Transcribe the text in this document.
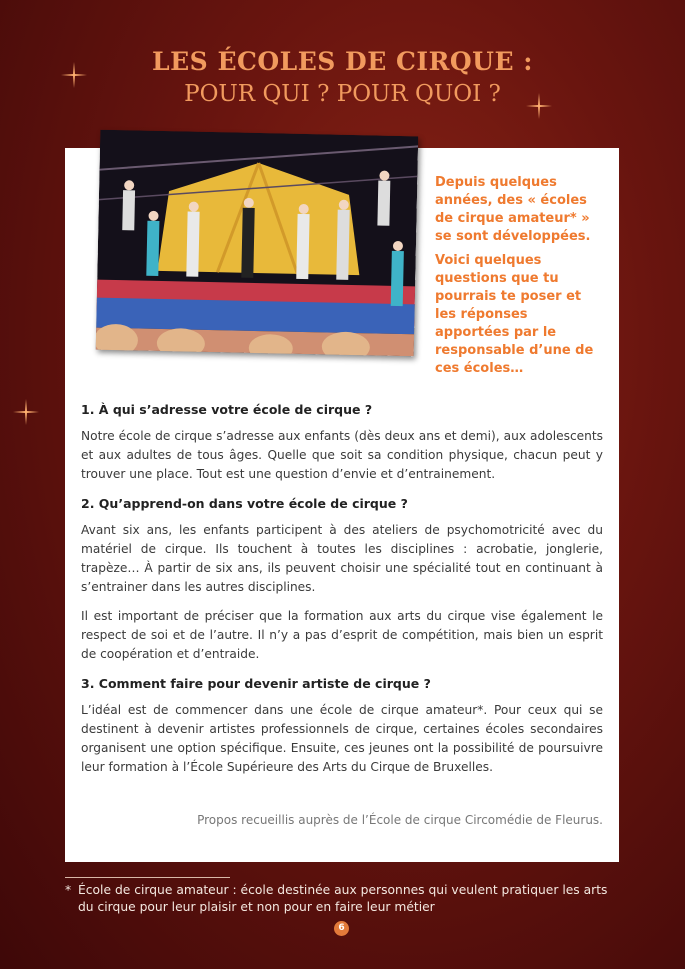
LES ÉCOLES DE CIRQUE :
POUR QUI ? POUR QUOI ?

Depuis quelques années, des « écoles de cirque amateur* » se sont développées.

Voici quelques questions que tu pourrais te poser et les réponses apportées par le responsable d’une de ces écoles…

1. À qui s’adresse votre école de cirque ?

Notre école de cirque s’adresse aux enfants (dès deux ans et demi), aux adolescents et aux adultes de tous âges. Quelle que soit sa condition physique, chacun peut y trouver une place. Tout est une question d’envie et d’entrainement.

2. Qu’apprend-on dans votre école de cirque ?

Avant six ans, les enfants participent à des ateliers de psychomotricité avec du matériel de cirque. Ils touchent à toutes les disciplines : acrobatie, jonglerie, trapèze… À partir de six ans, ils peuvent choisir une spécialité tout en continuant à s’entrainer dans les autres disciplines.

Il est important de préciser que la formation aux arts du cirque vise également le respect de soi et de l’autre. Il n’y a pas d’esprit de compétition, mais bien un esprit de coopération et d’entraide.

3. Comment faire pour devenir artiste de cirque ?

L’idéal est de commencer dans une école de cirque amateur*. Pour ceux qui se destinent à devenir artistes professionnels de cirque, certaines écoles secondaires organisent une option spécifique. Ensuite, ces jeunes ont la possibilité de poursuivre leur formation à l’École Supérieure des Arts du Cirque de Bruxelles.

Propos recueillis auprès de l’École de cirque Circomédie de Fleurus.
* École de cirque amateur : école destinée aux personnes qui veulent pratiquer les arts du cirque pour leur plaisir et non pour en faire leur métier
6
